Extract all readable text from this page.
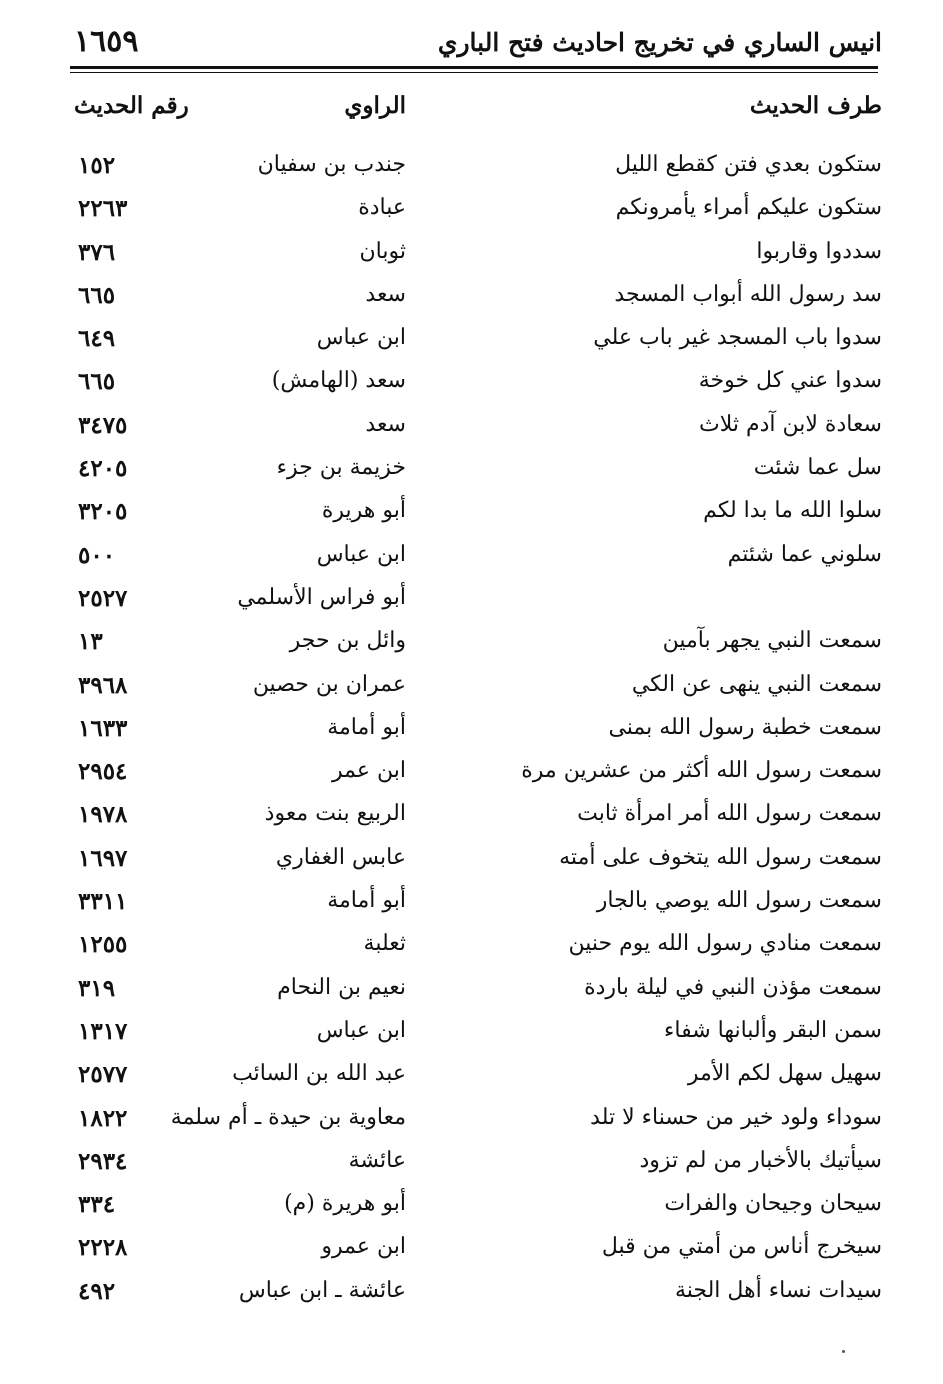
انيس الساري في تخريج احاديث فتح الباري
١٦٥٩
طرف الحديث
الراوي
رقم الحديث
ستكون بعدي فتن كقطع الليل
جندب بن سفيان
١٥٢
ستكون عليكم أمراء يأمرونكم
عبادة
٢٢٦٣
سددوا وقاربوا
ثوبان
٣٧٦
سد رسول الله أبواب المسجد
سعد
٦٦٥
سدوا باب المسجد غير باب علي
ابن عباس
٦٤٩
سدوا عني كل خوخة
سعد (الهامش)
٦٦٥
سعادة لابن آدم ثلاث
سعد
٣٤٧٥
سل عما شئت
خزيمة بن جزء
٤٢٠٥
سلوا الله ما بدا لكم
أبو هريرة
٣٢٠٥
سلوني عما شئتم
ابن عباس
٥٠٠
أبو فراس الأسلمي
٢٥٢٧
سمعت النبي يجهر بآمين
وائل بن حجر
١٣
سمعت النبي ينهى عن الكي
عمران بن حصين
٣٩٦٨
سمعت خطبة رسول الله بمنى
أبو أمامة
١٦٣٣
سمعت رسول الله أكثر من عشرين مرة
ابن عمر
٢٩٥٤
سمعت رسول الله أمر امرأة ثابت
الربيع بنت معوذ
١٩٧٨
سمعت رسول الله يتخوف على أمته
عابس الغفاري
١٦٩٧
سمعت رسول الله يوصي بالجار
أبو أمامة
٣٣١١
سمعت منادي رسول الله يوم حنين
ثعلبة
١٢٥٥
سمعت مؤذن النبي في ليلة باردة
نعيم بن النحام
٣١٩
سمن البقر وألبانها شفاء
ابن عباس
١٣١٧
سهيل سهل لكم الأمر
عبد الله بن السائب
٢٥٧٧
سوداء ولود خير من حسناء لا تلد
معاوية بن حيدة ـ أم سلمة
١٨٢٢
سيأتيك بالأخبار من لم تزود
عائشة
٢٩٣٤
سيحان وجيحان والفرات
أبو هريرة (م)
٣٣٤
سيخرج أناس من أمتي من قبل
ابن عمرو
٢٢٢٨
سيدات نساء أهل الجنة
عائشة ـ ابن عباس
٤٩٢
